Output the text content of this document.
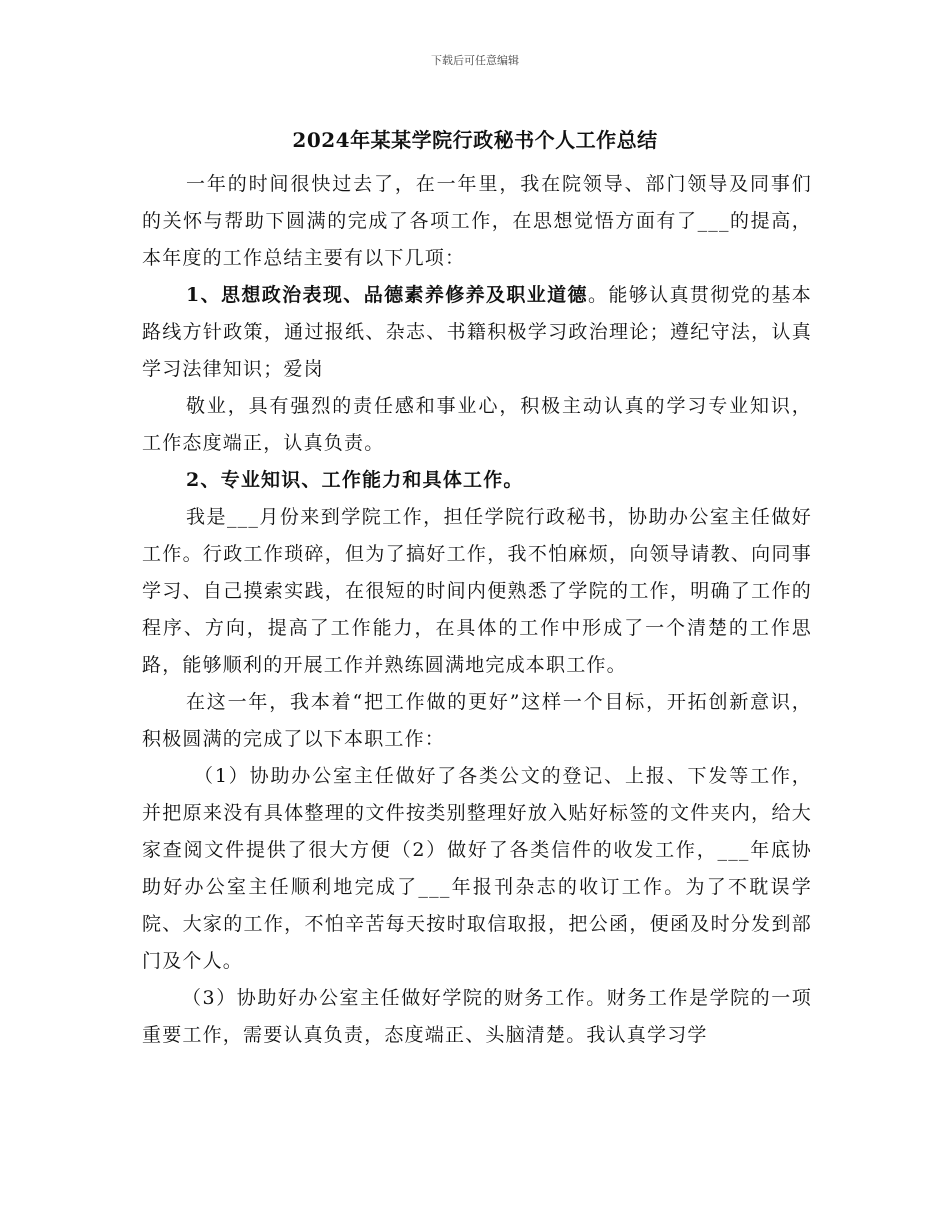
下载后可任意编辑
2024年某某学院行政秘书个人工作总结

一年的时间很快过去了，在一年里，我在院领导、部门领导及同事们的关怀与帮助下圆满的完成了各项工作，在思想觉悟方面有了___的提高，本年度的工作总结主要有以下几项：

1、思想政治表现、品德素养修养及职业道德。能够认真贯彻党的基本路线方针政策，通过报纸、杂志、书籍积极学习政治理论；遵纪守法，认真学习法律知识；爱岗

敬业，具有强烈的责任感和事业心，积极主动认真的学习专业知识，工作态度端正，认真负责。

2、专业知识、工作能力和具体工作。

我是___月份来到学院工作，担任学院行政秘书，协助办公室主任做好工作。行政工作琐碎，但为了搞好工作，我不怕麻烦，向领导请教、向同事学习、自己摸索实践，在很短的时间内便熟悉了学院的工作，明确了工作的程序、方向，提高了工作能力，在具体的工作中形成了一个清楚的工作思路，能够顺利的开展工作并熟练圆满地完成本职工作。

在这一年，我本着“把工作做的更好”这样一个目标，开拓创新意识，积极圆满的完成了以下本职工作：

（1）协助办公室主任做好了各类公文的登记、上报、下发等工作，并把原来没有具体整理的文件按类别整理好放入贴好标签的文件夹内，给大家查阅文件提供了很大方便（2）做好了各类信件的收发工作，___年底协助好办公室主任顺利地完成了___年报刊杂志的收订工作。为了不耽误学院、大家的工作，不怕辛苦每天按时取信取报，把公函，便函及时分发到部门及个人。

（3）协助好办公室主任做好学院的财务工作。财务工作是学院的一项重要工作，需要认真负责，态度端正、头脑清楚。我认真学习学
